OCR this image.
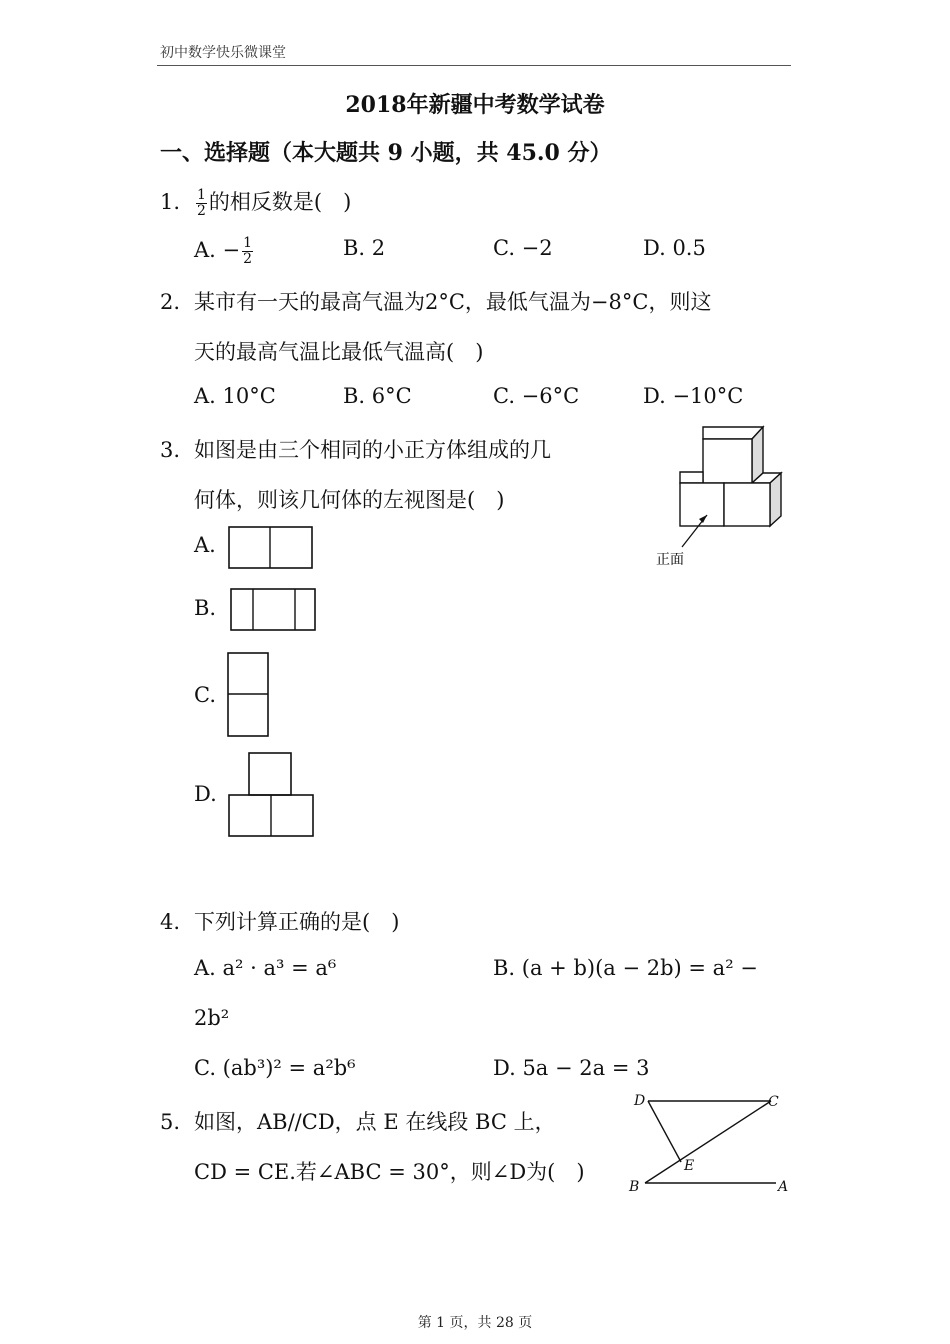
初中数学快乐微课堂
2018年新疆中考数学试卷
一、选择题（本大题共 9 小题，共 45.0 分）
1. $\frac{1}{2}$ 的相反数是(　)
A. − $\frac{1}{2}$	B. 2	C. −2	D. 0.5
2. 某市有一天的最高气温为2°C，最低气温为−8°C，则这
天的最高气温比最低气温高(　)
A. 10°C	B. 6°C	C. −6°C	D. −10°C
3. 如图是由三个相同的小正方体组成的几
何体，则该几何体的左视图是(　)
正面
A.
B.
C.
D.
4. 下列计算正确的是(　)
A. a² · a³ = a⁶	B. (a + b)(a − 2b) = a² −
2b²
C. (ab³)² = a²b⁶	D. 5a − 2a = 3
5. 如图，AB//CD，点 E 在线段 BC 上，
CD = CE.若∠ABC = 30°，则∠D为(　)
D	C
E
B	A
第 1 页，共 28 页
